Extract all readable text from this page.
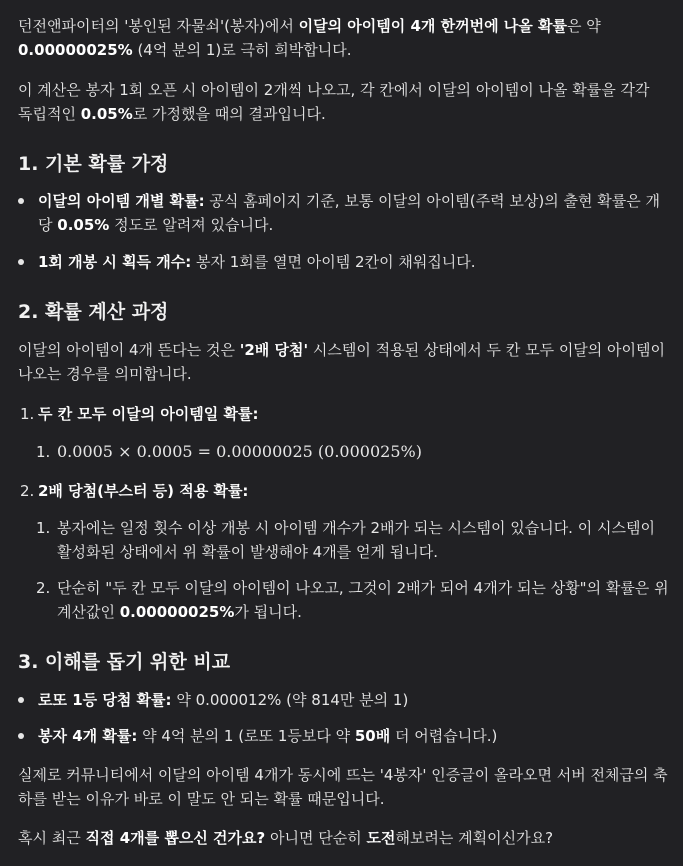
던전앤파이터의 '봉인된 자물쇠'(봉자)에서 이달의 아이템이 4개 한꺼번에 나올 확률은 약
0.00000025% (4억 분의 1)로 극히 희박합니다.
이 계산은 봉자 1회 오픈 시 아이템이 2개씩 나오고, 각 칸에서 이달의 아이템이 나올 확률을 각각
독립적인 0.05%로 가정했을 때의 결과입니다.
1. 기본 확률 가정
이달의 아이템 개별 확률: 공식 홈페이지 기준, 보통 이달의 아이템(주력 보상)의 출현 확률은 개
당 0.05% 정도로 알려져 있습니다.
1회 개봉 시 획득 개수: 봉자 1회를 열면 아이템 2칸이 채워집니다.
2. 확률 계산 과정
이달의 아이템이 4개 뜬다는 것은 '2배 당첨' 시스템이 적용된 상태에서 두 칸 모두 이달의 아이템이
나오는 경우를 의미합니다.
1. 두 칸 모두 이달의 아이템일 확률:
1. 0.0005 × 0.0005 = 0.00000025 (0.000025%)
2. 2배 당첨(부스터 등) 적용 확률:
1. 봉자에는 일정 횟수 이상 개봉 시 아이템 개수가 2배가 되는 시스템이 있습니다. 이 시스템이
활성화된 상태에서 위 확률이 발생해야 4개를 얻게 됩니다.
2. 단순히 "두 칸 모두 이달의 아이템이 나오고, 그것이 2배가 되어 4개가 되는 상황"의 확률은 위
계산값인 0.00000025%가 됩니다.
3. 이해를 돕기 위한 비교
로또 1등 당첨 확률: 약 0.000012% (약 814만 분의 1)
봉자 4개 확률: 약 4억 분의 1 (로또 1등보다 약 50배 더 어렵습니다.)
실제로 커뮤니티에서 이달의 아이템 4개가 동시에 뜨는 '4봉자' 인증글이 올라오면 서버 전체급의 축
하를 받는 이유가 바로 이 말도 안 되는 확률 때문입니다.
혹시 최근 직접 4개를 뽑으신 건가요? 아니면 단순히 도전해보려는 계획이신가요?
